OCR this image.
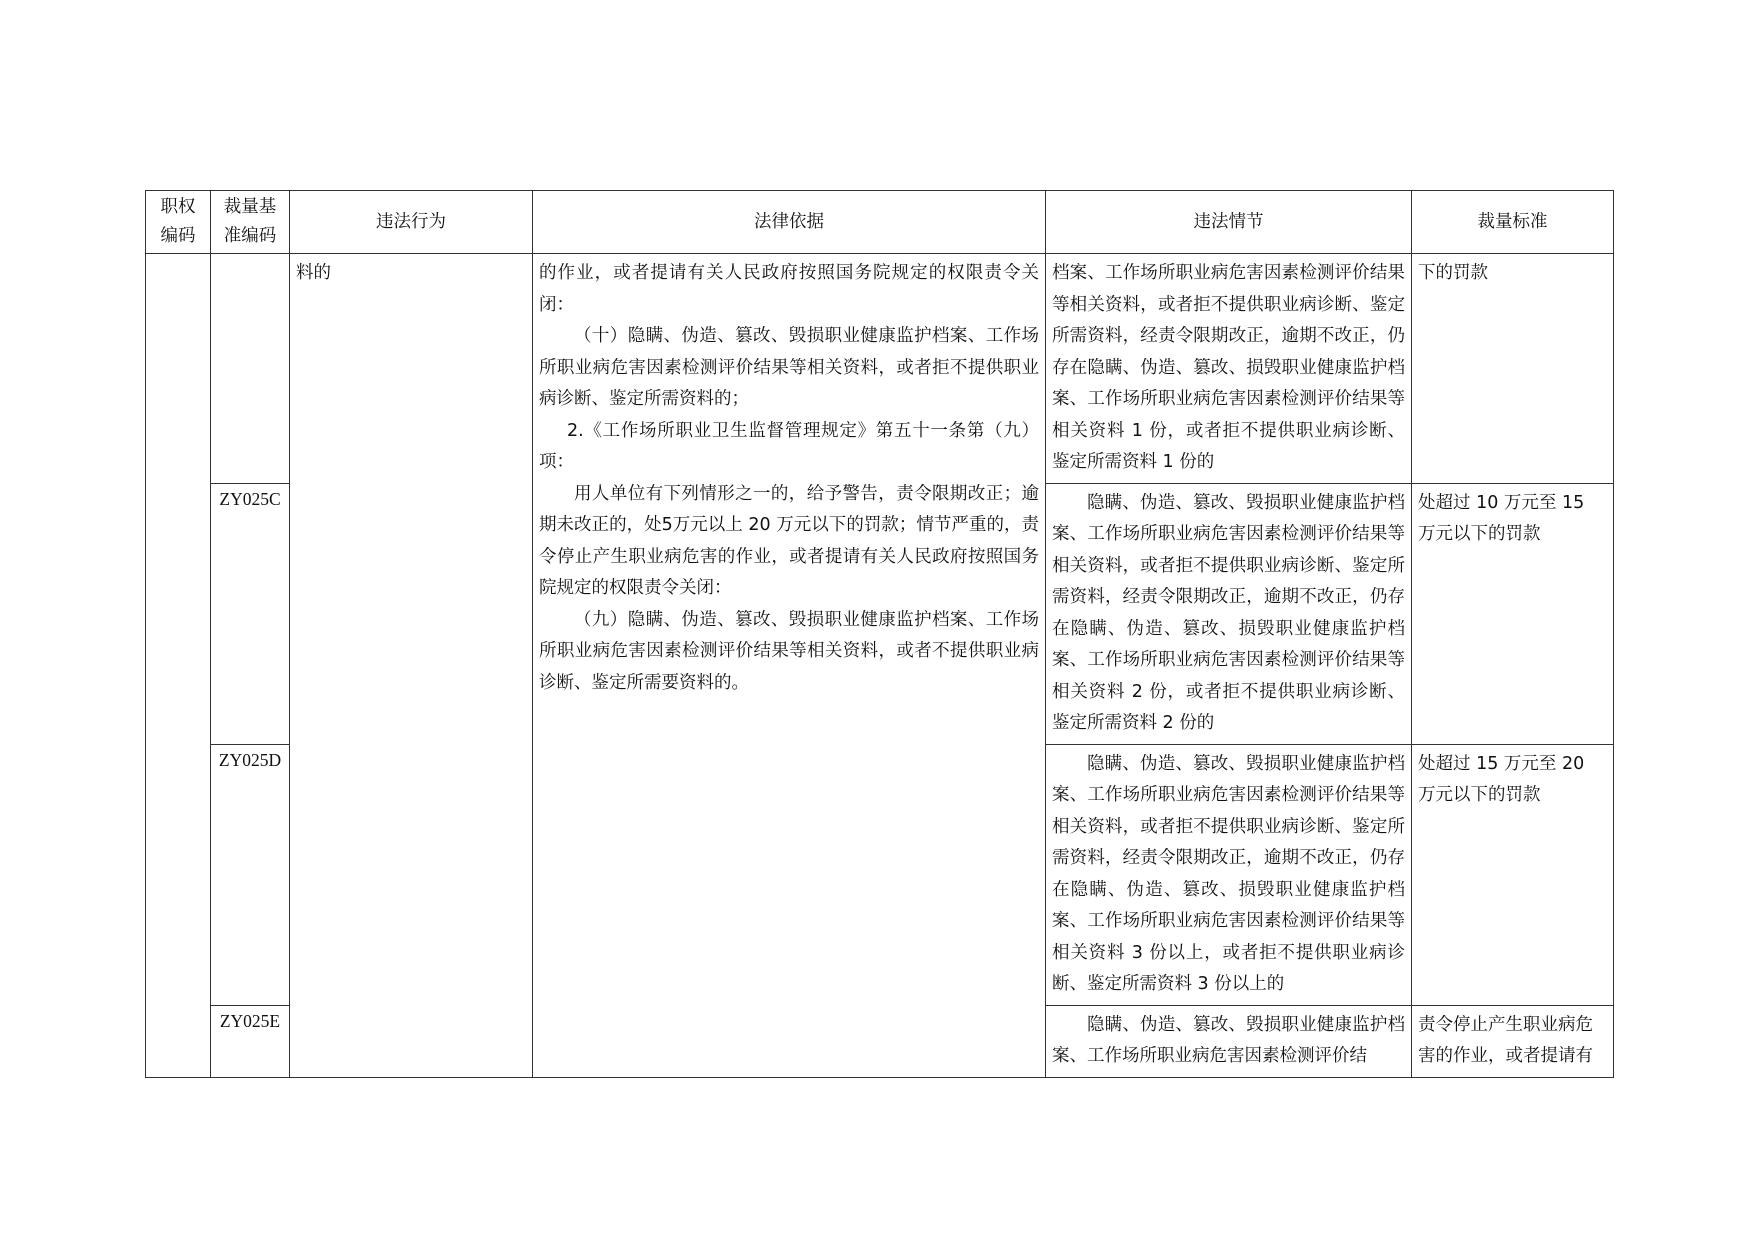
职权编码	裁量基准编码	违法行为	法律依据	违法情节	裁量标准

		料的	的作业，或者提请有关人民政府按照国务院规定的权限责令关闭：
（十）隐瞒、伪造、篡改、毁损职业健康监护档案、工作场所职业病危害因素检测评价结果等相关资料，或者拒不提供职业病诊断、鉴定所需资料的；
2.《工作场所职业卫生监督管理规定》第五十一条第（九）项：
用人单位有下列情形之一的，给予警告，责令限期改正；逾期未改正的，处5万元以上 20 万元以下的罚款；情节严重的，责令停止产生职业病危害的作业，或者提请有关人民政府按照国务院规定的权限责令关闭：
（九）隐瞒、伪造、篡改、毁损职业健康监护档案、工作场所职业病危害因素检测评价结果等相关资料，或者不提供职业病诊断、鉴定所需要资料的。	档案、工作场所职业病危害因素检测评价结果等相关资料，或者拒不提供职业病诊断、鉴定所需资料，经责令限期改正，逾期不改正，仍存在隐瞒、伪造、篡改、损毁职业健康监护档案、工作场所职业病危害因素检测评价结果等相关资料 1 份，或者拒不提供职业病诊断、鉴定所需资料 1 份的	下的罚款

	ZY025C			隐瞒、伪造、篡改、毁损职业健康监护档案、工作场所职业病危害因素检测评价结果等相关资料，或者拒不提供职业病诊断、鉴定所需资料，经责令限期改正，逾期不改正，仍存在隐瞒、伪造、篡改、损毁职业健康监护档案、工作场所职业病危害因素检测评价结果等相关资料 2 份，或者拒不提供职业病诊断、鉴定所需资料 2 份的	处超过 10 万元至 15 万元以下的罚款

	ZY025D			隐瞒、伪造、篡改、毁损职业健康监护档案、工作场所职业病危害因素检测评价结果等相关资料，或者拒不提供职业病诊断、鉴定所需资料，经责令限期改正，逾期不改正，仍存在隐瞒、伪造、篡改、损毁职业健康监护档案、工作场所职业病危害因素检测评价结果等相关资料 3 份以上，或者拒不提供职业病诊断、鉴定所需资料 3 份以上的	处超过 15 万元至 20 万元以下的罚款

	ZY025E			隐瞒、伪造、篡改、毁损职业健康监护档案、工作场所职业病危害因素检测评价结	责令停止产生职业病危害的作业，或者提请有
